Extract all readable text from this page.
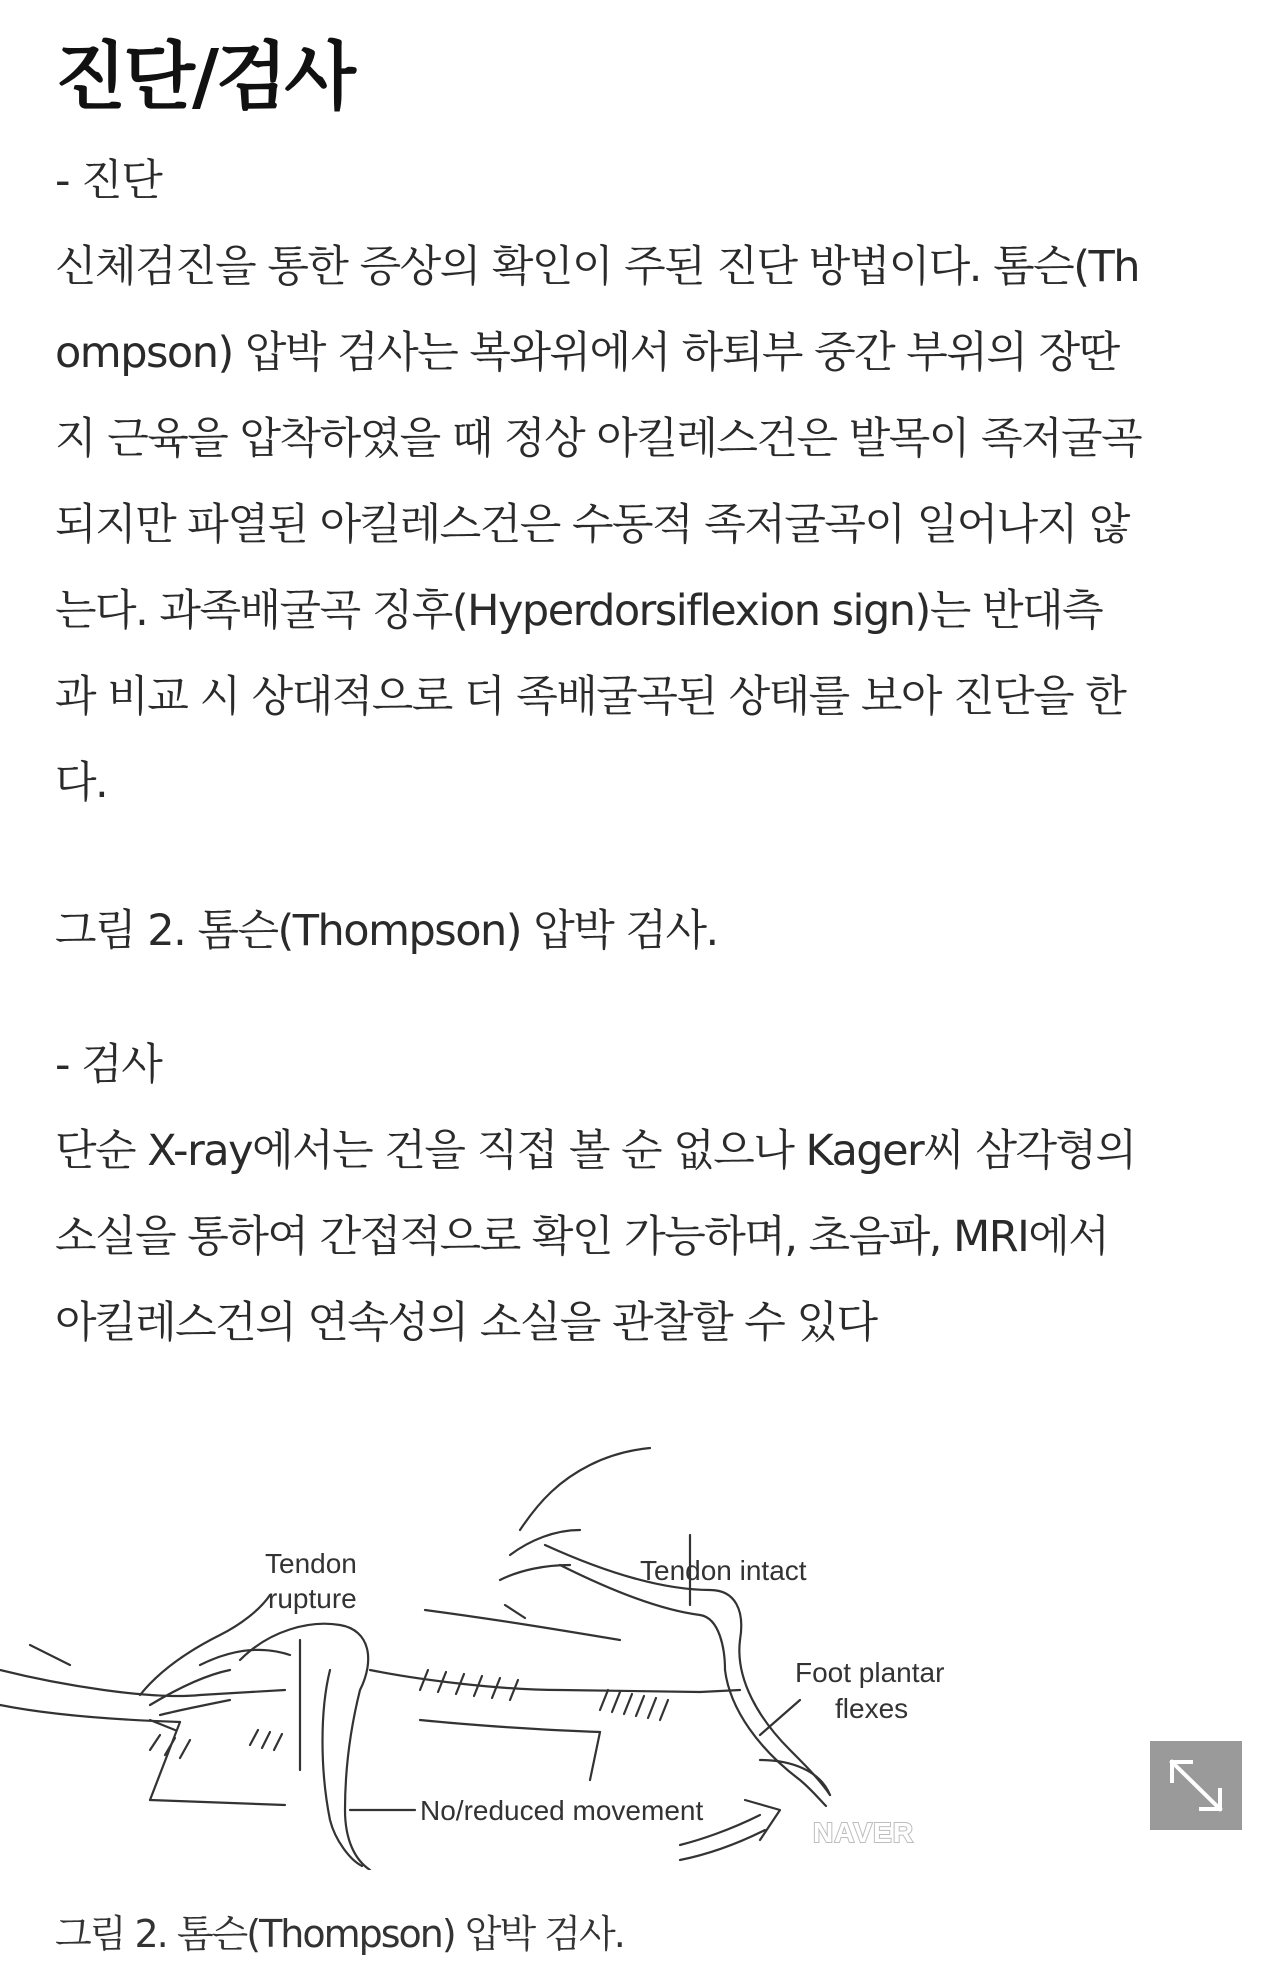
진단/검사
- 진단
신체검진을 통한 증상의 확인이 주된 진단 방법이다. 톰슨(Th
ompson) 압박 검사는 복와위에서 하퇴부 중간 부위의 장딴
지 근육을 압착하였을 때 정상 아킬레스건은 발목이 족저굴곡
되지만 파열된 아킬레스건은 수동적 족저굴곡이 일어나지 않
는다. 과족배굴곡 징후(Hyperdorsiflexion sign)는 반대측
과 비교 시 상대적으로 더 족배굴곡된 상태를 보아 진단을 한
다.
그림 2. 톰슨(Thompson) 압박 검사.
- 검사
단순 X-ray에서는 건을 직접 볼 순 없으나 Kager씨 삼각형의
소실을 통하여 간접적으로 확인 가능하며, 초음파, MRI에서
아킬레스건의 연속성의 소실을 관찰할 수 있다
Tendon
rupture
Tendon intact
Foot plantar
flexes
No/reduced movement
NAVER
그림 2. 톰슨(Thompson) 압박 검사.
